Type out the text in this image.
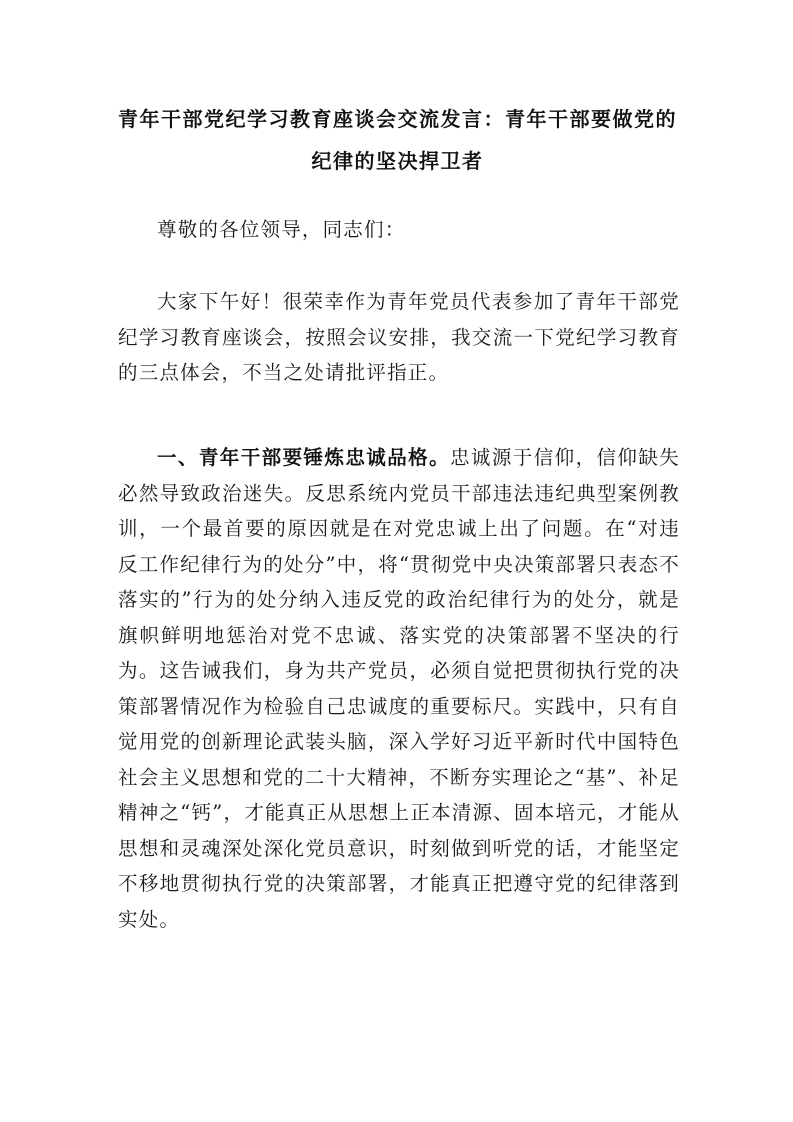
青年干部党纪学习教育座谈会交流发言：青年干部要做党的纪律的坚决捍卫者

尊敬的各位领导，同志们：

大家下午好！很荣幸作为青年党员代表参加了青年干部党纪学习教育座谈会，按照会议安排，我交流一下党纪学习教育的三点体会，不当之处请批评指正。

一、青年干部要锤炼忠诚品格。忠诚源于信仰，信仰缺失必然导致政治迷失。反思系统内党员干部违法违纪典型案例教训，一个最首要的原因就是在对党忠诚上出了问题。在“对违反工作纪律行为的处分”中，将“贯彻党中央决策部署只表态不落实的”行为的处分纳入违反党的政治纪律行为的处分，就是旗帜鲜明地惩治对党不忠诚、落实党的决策部署不坚决的行为。这告诫我们，身为共产党员，必须自觉把贯彻执行党的决策部署情况作为检验自己忠诚度的重要标尺。实践中，只有自觉用党的创新理论武装头脑，深入学好习近平新时代中国特色社会主义思想和党的二十大精神，不断夯实理论之“基”、补足精神之“钙”，才能真正从思想上正本清源、固本培元，才能从思想和灵魂深处深化党员意识，时刻做到听党的话，才能坚定不移地贯彻执行党的决策部署，才能真正把遵守党的纪律落到实处。
